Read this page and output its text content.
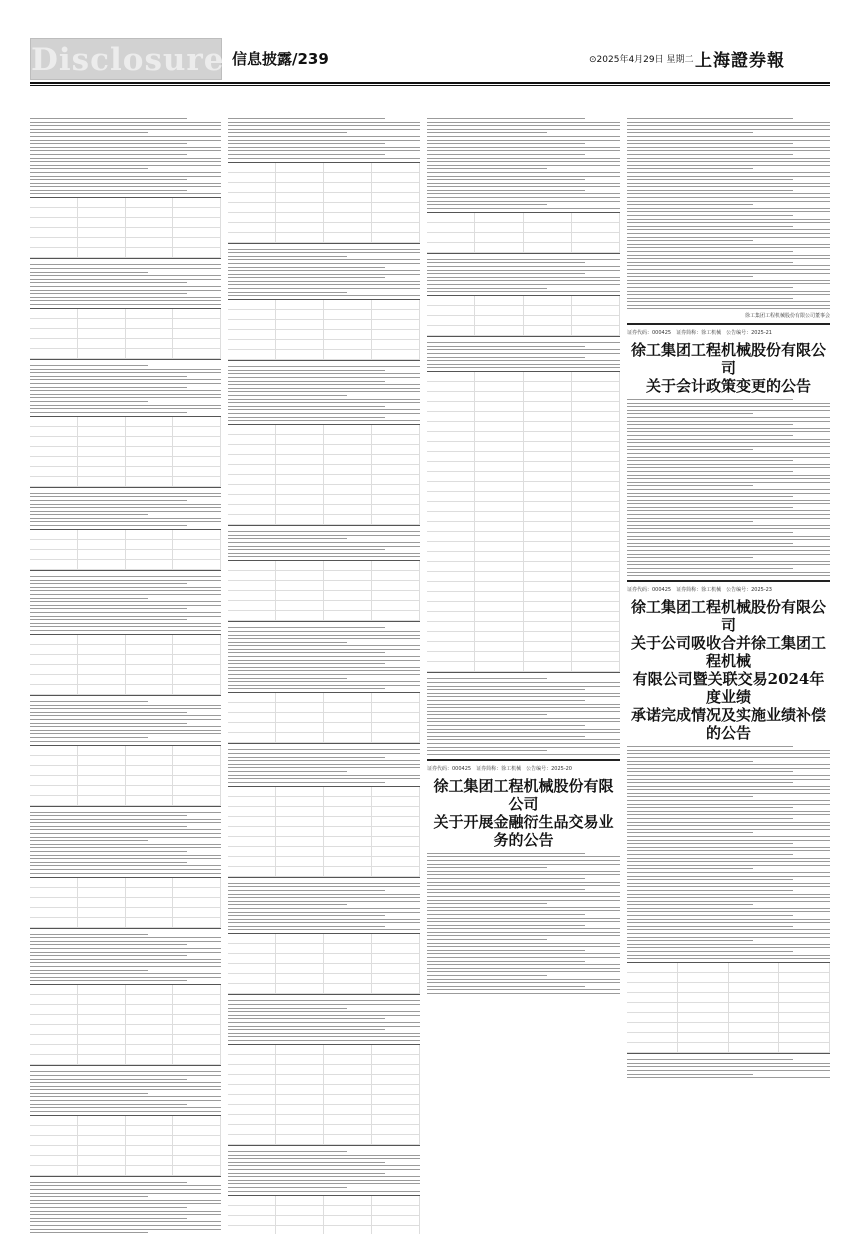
Disclosure 信息披露/239	⊙2025年4月29日 星期二 上海證券報
证券代码：000425　证券简称：徐工机械　公告编号：2025-20
徐工集团工程机械股份有限公司
关于开展金融衍生品交易业务的公告
徐工集团工程机械股份有限公司董事会
证券代码：000425　证券简称：徐工机械　公告编号：2025-21
徐工集团工程机械股份有限公司
关于会计政策变更的公告
证券代码：000425　证券简称：徐工机械　公告编号：2025-23
徐工集团工程机械股份有限公司
关于公司吸收合并徐工集团工程机械
有限公司暨关联交易2024年度业绩
承诺完成情况及实施业绩补偿的公告
